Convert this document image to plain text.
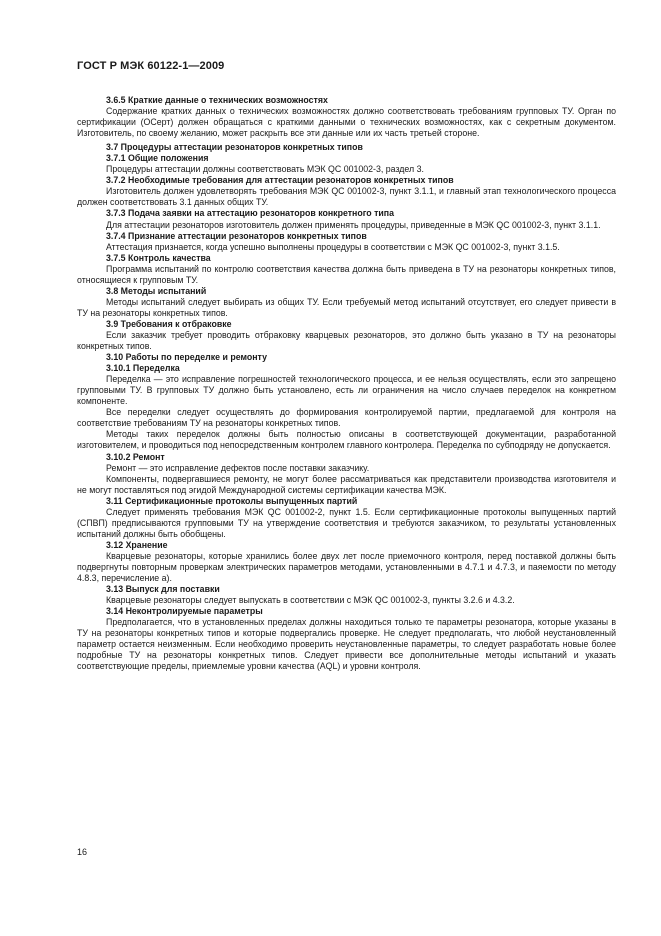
ГОСТ Р МЭК 60122-1—2009
3.6.5 Краткие данные о технических возможностях
Содержание кратких данных о технических возможностях должно соответствовать требованиям групповых ТУ. Орган по сертификации (ОСерт) должен обращаться с краткими данными о технических возможностях, как с секретным документом. Изготовитель, по своему желанию, может раскрыть все эти данные или их часть третьей стороне.
3.7 Процедуры аттестации резонаторов конкретных типов
3.7.1 Общие положения
Процедуры аттестации должны соответствовать МЭК QC 001002-3, раздел 3.
3.7.2 Необходимые требования для аттестации резонаторов конкретных типов
Изготовитель должен удовлетворять требования МЭК QC 001002-3, пункт 3.1.1, и главный этап технологического процесса должен соответствовать 3.1 данных общих ТУ.
3.7.3 Подача заявки на аттестацию резонаторов конкретного типа
Для аттестации резонаторов изготовитель должен применять процедуры, приведенные в МЭК QC 001002-3, пункт 3.1.1.
3.7.4 Признание аттестации резонаторов конкретных типов
Аттестация признается, когда успешно выполнены процедуры в соответствии с МЭК QC 001002-3, пункт 3.1.5.
3.7.5 Контроль качества
Программа испытаний по контролю соответствия качества должна быть приведена в ТУ на резонаторы конкретных типов, относящиеся к групповым ТУ.
3.8 Методы испытаний
Методы испытаний следует выбирать из общих ТУ. Если требуемый метод испытаний отсутствует, его следует привести в ТУ на резонаторы конкретных типов.
3.9 Требования к отбраковке
Если заказчик требует проводить отбраковку кварцевых резонаторов, это должно быть указано в ТУ на резонаторы конкретных типов.
3.10 Работы по переделке и ремонту
3.10.1 Переделка
Переделка — это исправление погрешностей технологического процесса, и ее нельзя осуществлять, если это запрещено групповыми ТУ. В групповых ТУ должно быть установлено, есть ли ограничения на число случаев переделок на конкретном компоненте.
Все переделки следует осуществлять до формирования контролируемой партии, предлагаемой для контроля на соответствие требованиям ТУ на резонаторы конкретных типов.
Методы таких переделок должны быть полностью описаны в соответствующей документации, разработанной изготовителем, и проводиться под непосредственным контролем главного контролера. Переделка по субподряду не допускается.
3.10.2 Ремонт
Ремонт — это исправление дефектов после поставки заказчику.
Компоненты, подвергавшиеся ремонту, не могут более рассматриваться как представители производства изготовителя и не могут поставляться под эгидой Международной системы сертификации качества МЭК.
3.11 Сертификационные протоколы выпущенных партий
Следует применять требования МЭК QC 001002-2, пункт 1.5. Если сертификационные протоколы выпущенных партий (СПВП) предписываются групповыми ТУ на утверждение соответствия и требуются заказчиком, то результаты установленных испытаний должны быть обобщены.
3.12 Хранение
Кварцевые резонаторы, которые хранились более двух лет после приемочного контроля, перед поставкой должны быть подвергнуты повторным проверкам электрических параметров методами, установленными в 4.7.1 и 4.7.3, и паяемости по методу 4.8.3, перечисление а).
3.13 Выпуск для поставки
Кварцевые резонаторы следует выпускать в соответствии с МЭК QC 001002-3, пункты 3.2.6 и 4.3.2.
3.14 Неконтролируемые параметры
Предполагается, что в установленных пределах должны находиться только те параметры резонатора, которые указаны в ТУ на резонаторы конкретных типов и которые подвергались проверке. Не следует предполагать, что любой неустановленный параметр остается неизменным. Если необходимо проверить неустановленные параметры, то следует разработать новые более подробные ТУ на резонаторы конкретных типов. Следует привести все дополнительные методы испытаний и указать соответствующие пределы, приемлемые уровни качества (AQL) и уровни контроля.
16
